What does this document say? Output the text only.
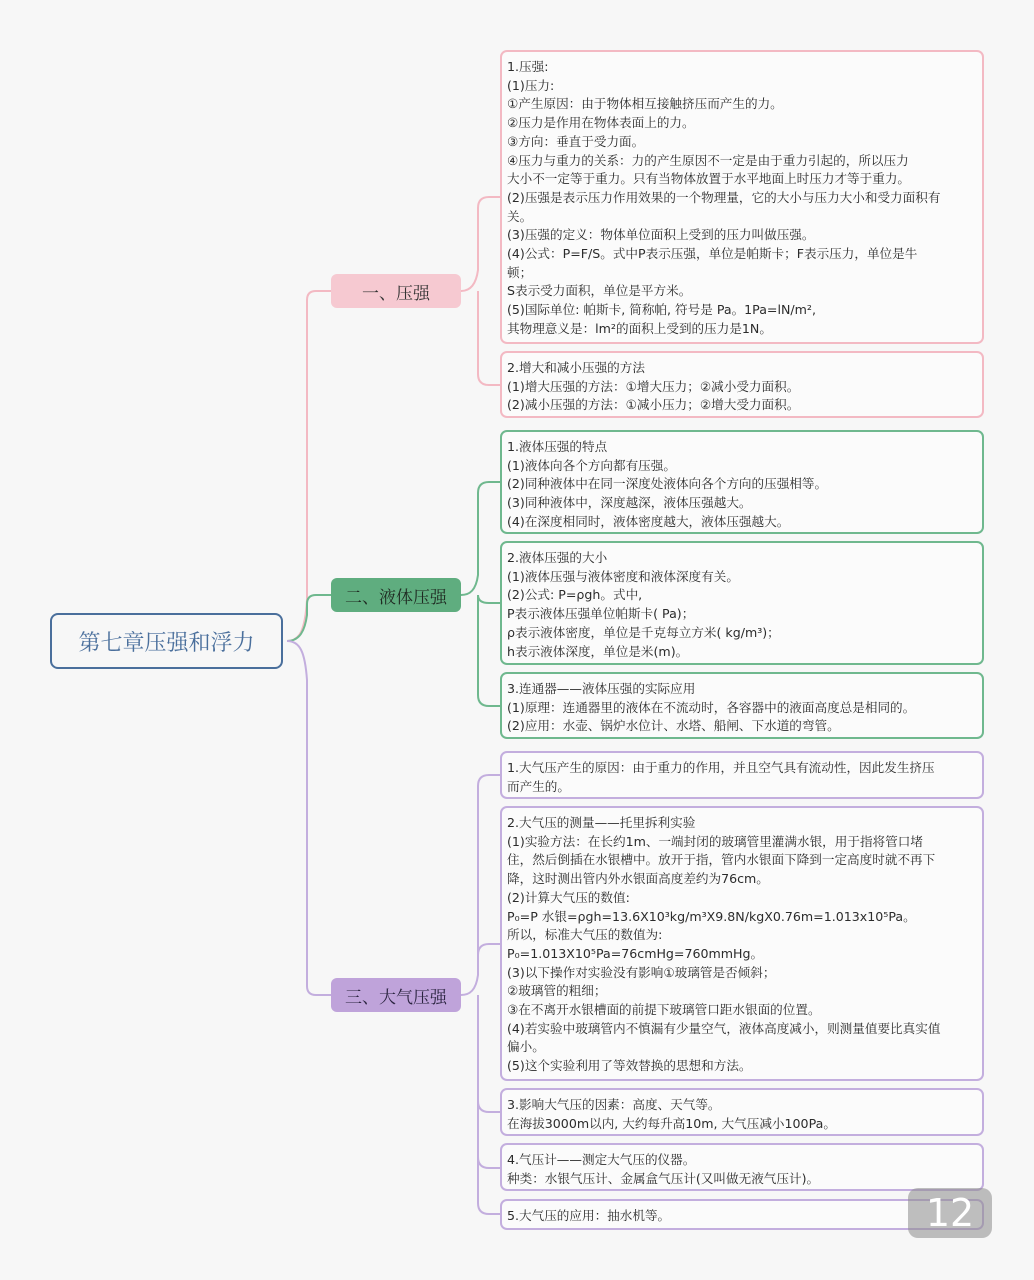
第七章压强和浮力
一、压强
二、液体压强
三、大气压强
1.压强:
(1)压力:
①产生原因：由于物体相互接触挤压而产生的力。
②压力是作用在物体表面上的力。
③方向：垂直于受力面。
④压力与重力的关系：力的产生原因不一定是由于重力引起的，所以压力
大小不一定等于重力。只有当物体放置于水平地面上时压力才等于重力。
(2)压强是表示压力作用效果的一个物理量，它的大小与压力大小和受力面积有
关。
(3)压强的定义：物体单位面积上受到的压力叫做压强。
(4)公式：P=F/S。式中P表示压强，单位是帕斯卡；F表示压力，单位是牛
顿；
S表示受力面积，单位是平方米。
(5)国际单位: 帕斯卡, 简称帕, 符号是 Pa。1Pa=lN/m²,
其物理意义是：lm²的面积上受到的压力是1N。
2.增大和减小压强的方法
(1)增大压强的方法：①增大压力；②减小受力面积。
(2)减小压强的方法：①减小压力；②增大受力面积。
1.液体压强的特点
(1)液体向各个方向都有压强。
(2)同种液体中在同一深度处液体向各个方向的压强相等。
(3)同种液体中，深度越深，液体压强越大。
(4)在深度相同时，液体密度越大，液体压强越大。
2.液体压强的大小
(1)液体压强与液体密度和液体深度有关。
(2)公式: P=ρgh。式中,
P表示液体压强单位帕斯卡( Pa)；
ρ表示液体密度，单位是千克每立方米( kg/m³)；
h表示液体深度，单位是米(m)。
3.连通器——液体压强的实际应用
(1)原理：连通器里的液体在不流动时，各容器中的液面高度总是相同的。
(2)应用：水壶、锅炉水位计、水塔、船闸、下水道的弯管。
1.大气压产生的原因：由于重力的作用，并且空气具有流动性，因此发生挤压
而产生的。
2.大气压的测量——托里拆利实验
(1)实验方法：在长约1m、一端封闭的玻璃管里灌满水银，用于指将管口堵
住，然后倒插在水银槽中。放开于指，管内水银面下降到一定高度时就不再下
降，这时测出管内外水银面高度差约为76cm。
(2)计算大气压的数值:
P₀=P 水银=ρgh=13.6X10³kg/m³X9.8N/kgX0.76m=1.013x10⁵Pa。
所以，标准大气压的数值为:
P₀=1.013X10⁵Pa=76cmHg=760mmHg。
(3)以下操作对实验没有影响①玻璃管是否倾斜；
②玻璃管的粗细；
③在不离开水银槽面的前提下玻璃管口距水银面的位置。
(4)若实验中玻璃管内不慎漏有少量空气，液体高度减小，则测量值要比真实值
偏小。
(5)这个实验利用了等效替换的思想和方法。
3.影响大气压的因素：高度、天气等。
在海拔3000m以内, 大约每升高10m, 大气压减小100Pa。
4.气压计——测定大气压的仪器。
种类：水银气压计、金属盒气压计(又叫做无液气压计)。
5.大气压的应用：抽水机等。	12
